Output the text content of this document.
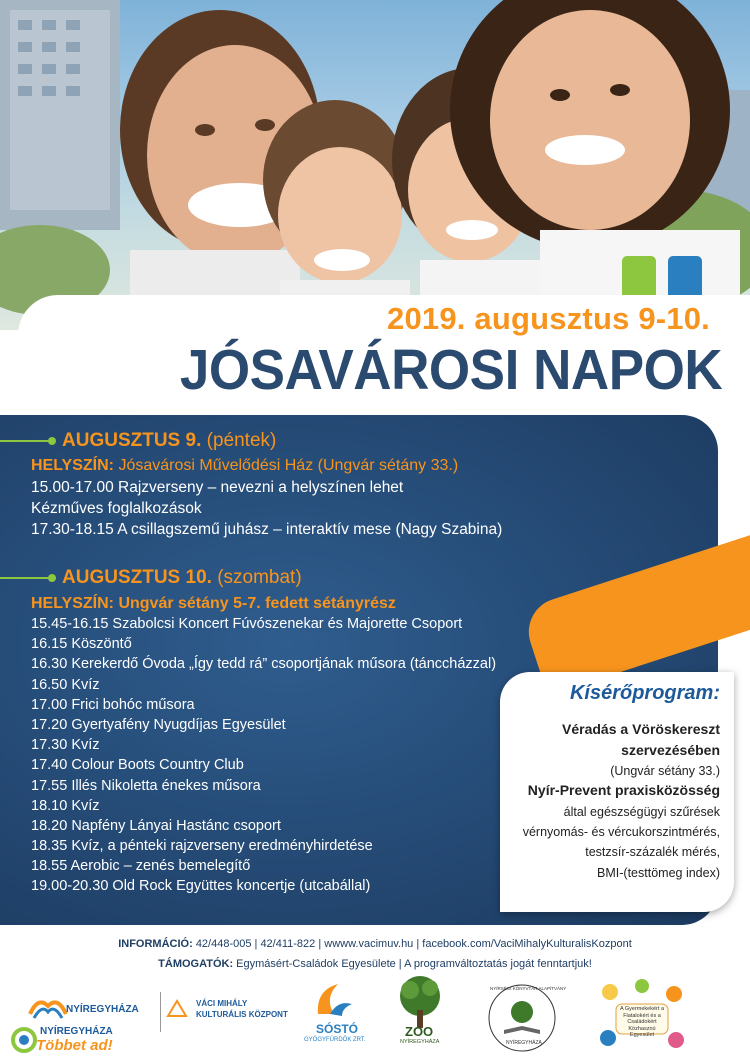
2019. augusztus 9-10.

JÓSAVÁROSI NAPOK
AUGUSZTUS 9. (péntek)
HELYSZÍN: Jósavárosi Művelődési Ház (Ungvár sétány 33.)
15.00-17.00 Rajzverseny – nevezni a helyszínen lehet
Kézműves foglalkozások
17.30-18.15 A csillagszemű juhász – interaktív mese (Nagy Szabina)
AUGUSZTUS 10. (szombat)
HELYSZÍN: Ungvár sétány 5-7. fedett sétányrész
15.45-16.15 Szabolcsi Koncert Fúvószenekar és Majorette Csoport
16.15 Köszöntő
16.30 Kerekerdő Óvoda „Így tedd rá” csoportjának műsora (tánccházzal)
16.50 Kvíz
17.00 Frici bohóc műsora
17.20 Gyertyafény Nyugdíjas Egyesület
17.30 Kvíz
17.40 Colour Boots Country Club
17.55 Illés Nikoletta énekes műsora
18.10 Kvíz
18.20 Napfény Lányai Hastánc csoport
18.35 Kvíz, a pénteki rajzverseny eredményhirdetése
18.55 Aerobic – zenés bemelegítő
19.00-20.30 Old Rock Együttes koncertje (utcabállal)

Kísérőprogram:

Véradás a Vöröskereszt

szervezésében

(Ungvár sétány 33.)

Nyír-Prevent praxisközösség

által egészségügyi szűrések

vérnyomás- és vércukorszintmérés,

testzsír-százalék mérés,

BMI-(testtömeg index)

INFORMÁCIÓ: 42/448-005 | 42/411-822 | wwww.vacimuv.hu | facebook.com/VaciMihalyKulturalisKozpont

TÁMOGATÓK: Egymásért-Családok Egyesülete | A programváltoztatás jogát fenntartjuk!

NYÍREGYHÁZA
NYÍREGYHÁZA
Többet ad!
VÁCI MIHÁLY
KULTURÁLIS KÖZPONT
SÓSTÓ
GYÓGYFÜRDŐK ZRT.
ZOO
NYÍREGYHÁZA
NYÍRSÉGI KÖNYVTÁR ALAPÍTVÁNY
NYÍREGYHÁZA
A Gyermekekért a Fiatalokért és a Családokért Közhasznú Egyesület
